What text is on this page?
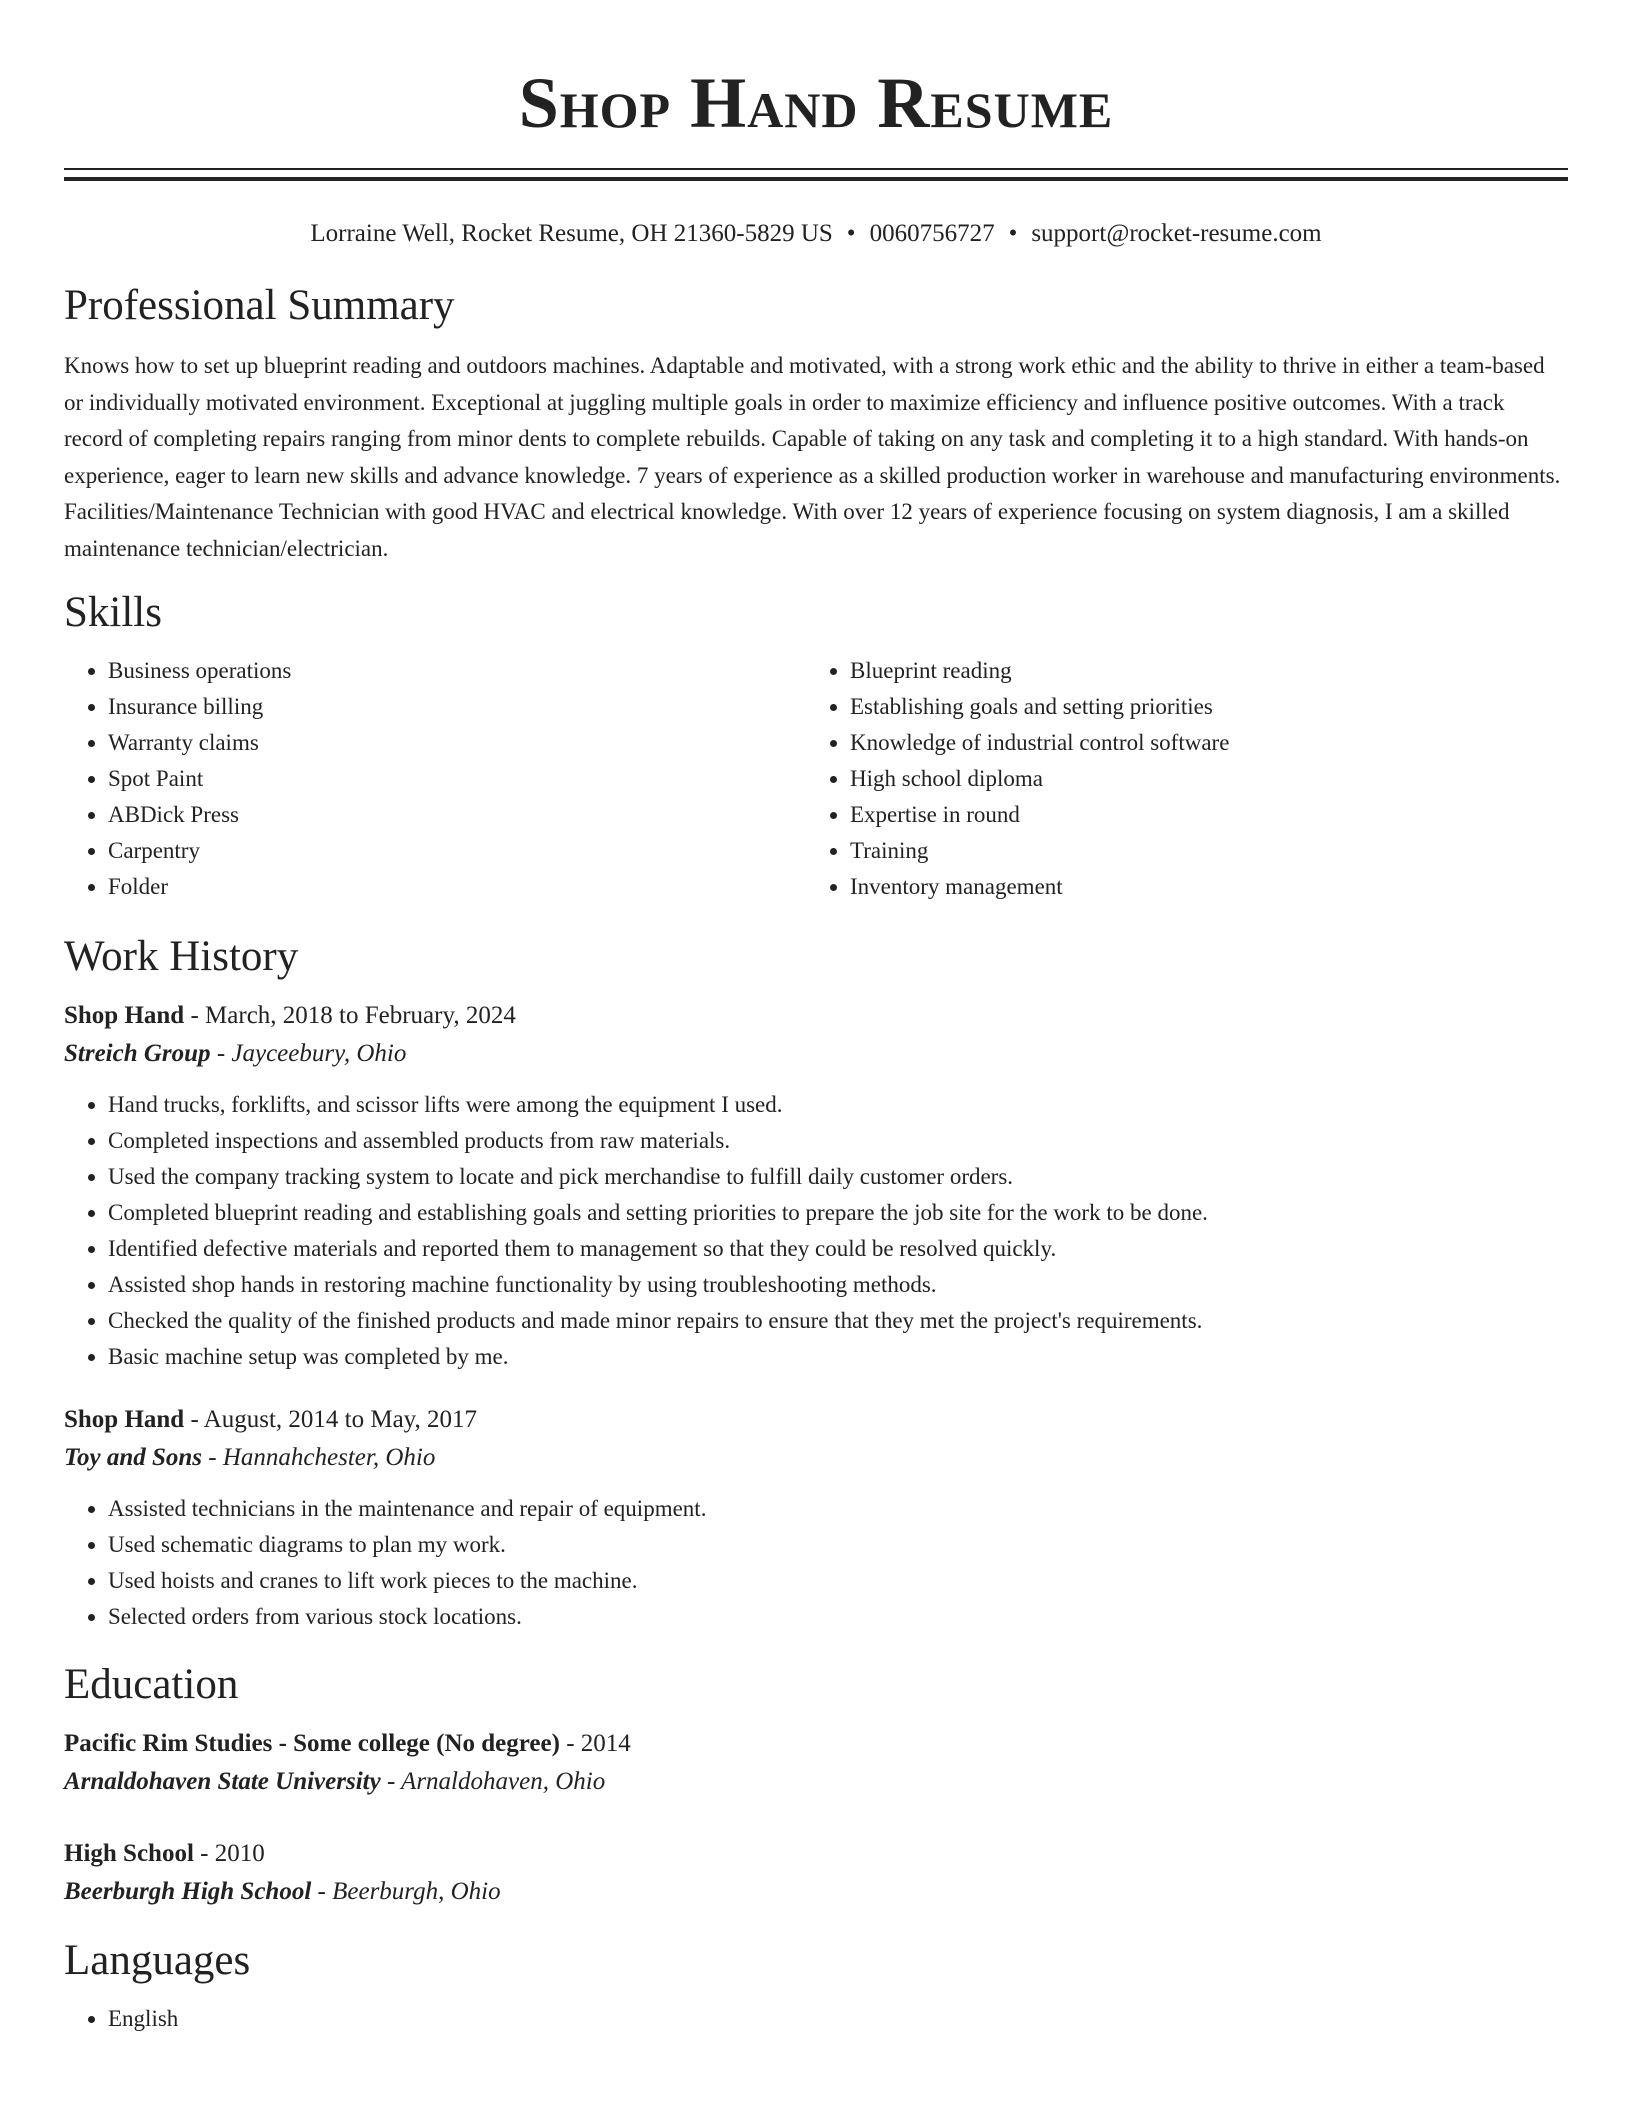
Shop Hand Resume
Lorraine Well, Rocket Resume, OH 21360-5829 US • 0060756727 • support@rocket-resume.com
Professional Summary

Knows how to set up blueprint reading and outdoors machines. Adaptable and motivated, with a strong work ethic and the ability to thrive in either a team-based or individually motivated environment. Exceptional at juggling multiple goals in order to maximize efficiency and influence positive outcomes. With a track record of completing repairs ranging from minor dents to complete rebuilds. Capable of taking on any task and completing it to a high standard. With hands-on experience, eager to learn new skills and advance knowledge. 7 years of experience as a skilled production worker in warehouse and manufacturing environments. Facilities/Maintenance Technician with good HVAC and electrical knowledge. With over 12 years of experience focusing on system diagnosis, I am a skilled maintenance technician/electrician.

Skills
• Business operations
• Insurance billing
• Warranty claims
• Spot Paint
• ABDick Press
• Carpentry
• Folder
• Blueprint reading
• Establishing goals and setting priorities
• Knowledge of industrial control software
• High school diploma
• Expertise in round
• Training
• Inventory management
Work History
Shop Hand - March, 2018 to February, 2024
Streich Group - Jayceebury, Ohio
• Hand trucks, forklifts, and scissor lifts were among the equipment I used.
• Completed inspections and assembled products from raw materials.
• Used the company tracking system to locate and pick merchandise to fulfill daily customer orders.
• Completed blueprint reading and establishing goals and setting priorities to prepare the job site for the work to be done.
• Identified defective materials and reported them to management so that they could be resolved quickly.
• Assisted shop hands in restoring machine functionality by using troubleshooting methods.
• Checked the quality of the finished products and made minor repairs to ensure that they met the project's requirements.
• Basic machine setup was completed by me.
Shop Hand - August, 2014 to May, 2017
Toy and Sons - Hannahchester, Ohio
• Assisted technicians in the maintenance and repair of equipment.
• Used schematic diagrams to plan my work.
• Used hoists and cranes to lift work pieces to the machine.
• Selected orders from various stock locations.
Education
Pacific Rim Studies - Some college (No degree) - 2014
Arnaldohaven State University - Arnaldohaven, Ohio
High School - 2010
Beerburgh High School - Beerburgh, Ohio
Languages
• English
